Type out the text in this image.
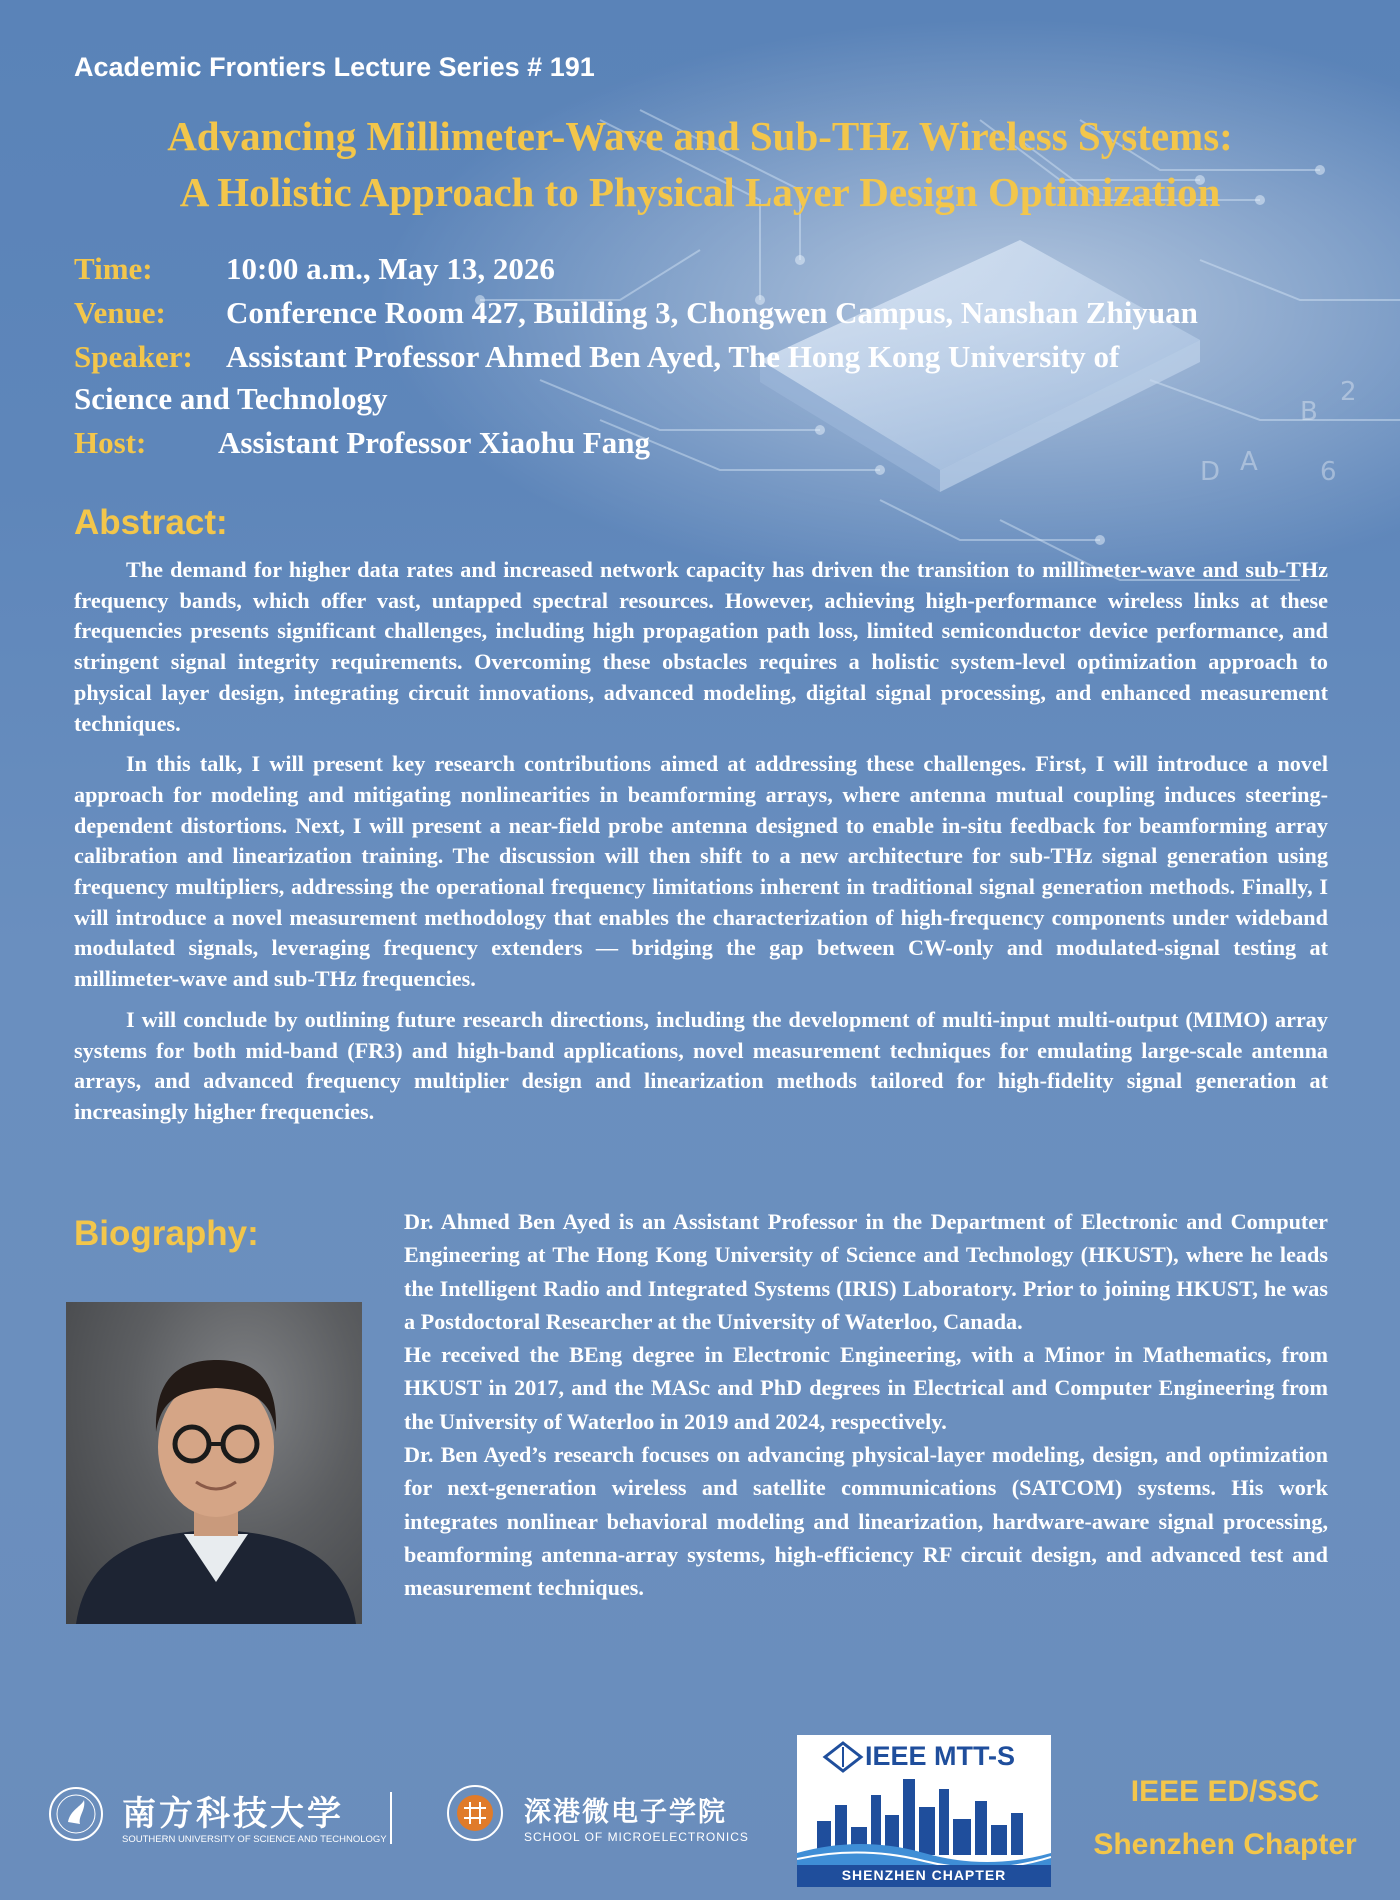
B
A
D	6
2
Academic Frontiers Lecture Series # 191
Advancing Millimeter-Wave and Sub-THz Wireless Systems:
A Holistic Approach to Physical Layer Design Optimization
Time: 10:00 a.m., May 13, 2026
Venue: Conference Room 427, Building 3, Chongwen Campus, Nanshan Zhiyuan
Speaker: Assistant Professor Ahmed Ben Ayed, The Hong Kong University of
Science and Technology
Host: Assistant Professor Xiaohu Fang
Abstract:

The demand for higher data rates and increased network capacity has driven the transition to millimeter-wave and sub-THz frequency bands, which offer vast, untapped spectral resources. However, achieving high-performance wireless links at these frequencies presents significant challenges, including high propagation path loss, limited semiconductor device performance, and stringent signal integrity requirements. Overcoming these obstacles requires a holistic system-level optimization approach to physical layer design, integrating circuit innovations, advanced modeling, digital signal processing, and enhanced measurement techniques.

In this talk, I will present key research contributions aimed at addressing these challenges. First, I will introduce a novel approach for modeling and mitigating nonlinearities in beamforming arrays, where antenna mutual coupling induces steering-dependent distortions. Next, I will present a near-field probe antenna designed to enable in-situ feedback for beamforming array calibration and linearization training. The discussion will then shift to a new architecture for sub-THz signal generation using frequency multipliers, addressing the operational frequency limitations inherent in traditional signal generation methods. Finally, I will introduce a novel measurement methodology that enables the characterization of high-frequency components under wideband modulated signals, leveraging frequency extenders — bridging the gap between CW-only and modulated-signal testing at millimeter-wave and sub-THz frequencies.

I will conclude by outlining future research directions, including the development of multi-input multi-output (MIMO) array systems for both mid-band (FR3) and high-band applications, novel measurement techniques for emulating large-scale antenna arrays, and advanced frequency multiplier design and linearization methods tailored for high-fidelity signal generation at increasingly higher frequencies.

Biography:	Dr. Ahmed Ben Ayed is an Assistant Professor in the Department of Electronic and Computer Engineering at The Hong Kong University of Science and Technology (HKUST), where he leads the Intelligent Radio and Integrated Systems (IRIS) Laboratory. Prior to joining HKUST, he was a Postdoctoral Researcher at the University of Waterloo, Canada.

He received the BEng degree in Electronic Engineering, with a Minor in Mathematics, from HKUST in 2017, and the MASc and PhD degrees in Electrical and Computer Engineering from the University of Waterloo in 2019 and 2024, respectively.

Dr. Ben Ayed’s research focuses on advancing physical-layer modeling, design, and optimization for next-generation wireless and satellite communications (SATCOM) systems. His work integrates nonlinear behavioral modeling and linearization, hardware-aware signal processing, beamforming antenna-array systems, high-efficiency RF circuit design, and advanced test and measurement techniques.

南方科技大学
SOUTHERN UNIVERSITY OF SCIENCE AND TECHNOLOGY
深港微电子学院
SCHOOL OF MICROELECTRONICS
IEEE MTT-S
SHENZHEN CHAPTER
IEEE ED/SSC
Shenzhen Chapter
